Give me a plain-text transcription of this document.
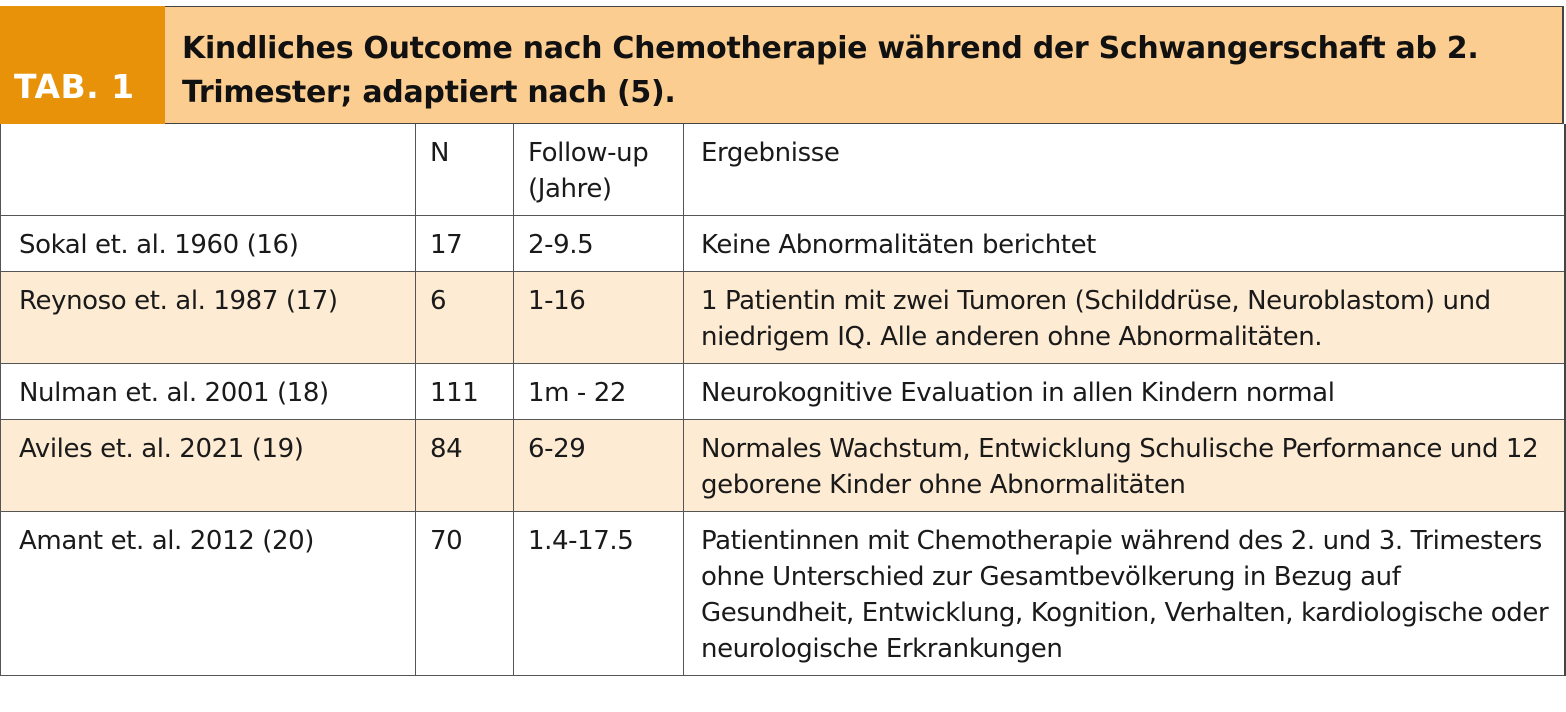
TAB. 1
Kindliches Outcome nach Chemotherapie während der Schwangerschaft ab 2. Trimester; adaptiert nach (5).
	N	Follow-up (Jahre)	Ergebnisse
Sokal et. al. 1960 (16)	17	2-9.5	Keine Abnormalitäten berichtet
Reynoso et. al. 1987 (17)	6	1-16	1 Patientin mit zwei Tumoren (Schilddrüse, Neuroblastom) und niedrigem IQ. Alle anderen ohne Abnormalitäten.
Nulman et. al. 2001 (18)	111	1m - 22	Neurokognitive Evaluation in allen Kindern normal
Aviles et. al. 2021 (19)	84	6-29	Normales Wachstum, Entwicklung Schulische Performance und 12 geborene Kinder ohne Abnormalitäten
Amant et. al. 2012 (20)	70	1.4-17.5	Patientinnen mit Chemotherapie während des 2. und 3. Trimesters ohne Unterschied zur Gesamtbevölkerung in Bezug auf Gesundheit, Entwicklung, Kognition, Verhalten, kardiologische oder neurologische Erkrankungen
